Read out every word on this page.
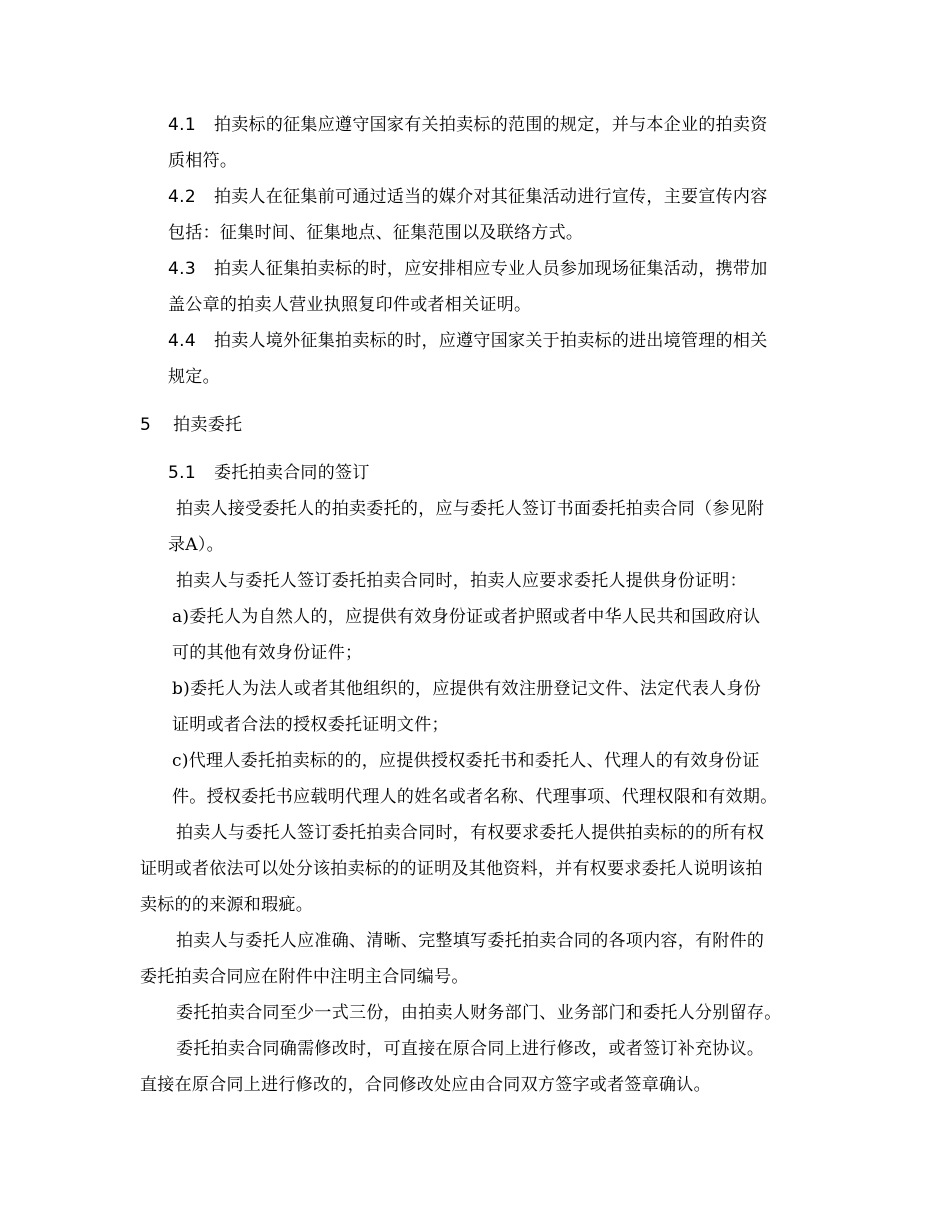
4.1 拍卖标的征集应遵守国家有关拍卖标的范围的规定，并与本企业的拍卖资

质相符。

4.2 拍卖人在征集前可通过适当的媒介对其征集活动进行宣传，主要宣传内容

包括：征集时间、征集地点、征集范围以及联络方式。

4.3 拍卖人征集拍卖标的时，应安排相应专业人员参加现场征集活动，携带加

盖公章的拍卖人营业执照复印件或者相关证明。

4.4 拍卖人境外征集拍卖标的时，应遵守国家关于拍卖标的进出境管理的相关

规定。

5 拍卖委托

5.1 委托拍卖合同的签订

拍卖人接受委托人的拍卖委托的，应与委托人签订书面委托拍卖合同（参见附

录A）。

拍卖人与委托人签订委托拍卖合同时，拍卖人应要求委托人提供身份证明：

a)委托人为自然人的，应提供有效身份证或者护照或者中华人民共和国政府认

可的其他有效身份证件；

b)委托人为法人或者其他组织的，应提供有效注册登记文件、法定代表人身份

证明或者合法的授权委托证明文件；

c)代理人委托拍卖标的的，应提供授权委托书和委托人、代理人的有效身份证

件。授权委托书应载明代理人的姓名或者名称、代理事项、代理权限和有效期。

拍卖人与委托人签订委托拍卖合同时，有权要求委托人提供拍卖标的的所有权

证明或者依法可以处分该拍卖标的的证明及其他资料，并有权要求委托人说明该拍

卖标的的来源和瑕疵。

拍卖人与委托人应准确、清晰、完整填写委托拍卖合同的各项内容，有附件的

委托拍卖合同应在附件中注明主合同编号。

委托拍卖合同至少一式三份，由拍卖人财务部门、业务部门和委托人分别留存。

委托拍卖合同确需修改时，可直接在原合同上进行修改，或者签订补充协议。

直接在原合同上进行修改的，合同修改处应由合同双方签字或者签章确认。
